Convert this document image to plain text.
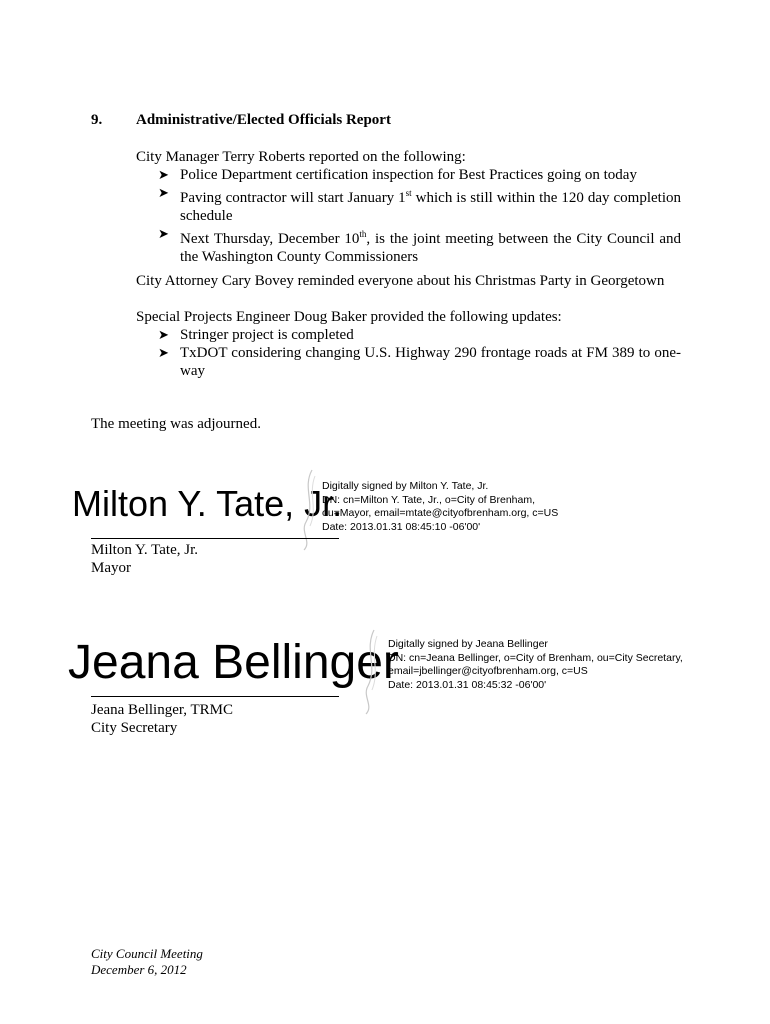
9. Administrative/Elected Officials Report

City Manager Terry Roberts reported on the following:

➤ Police Department certification inspection for Best Practices going on today
➤ Paving contractor will start January 1st which is still within the 120 day completion schedule
➤ Next Thursday, December 10th, is the joint meeting between the City Council and the Washington County Commissioners

City Attorney Cary Bovey reminded everyone about his Christmas Party in Georgetown

Special Projects Engineer Doug Baker provided the following updates:

➤ Stringer project is completed
➤ TxDOT considering changing U.S. Highway 290 frontage roads at FM 389 to one-way
The meeting was adjourned.
Milton Y. Tate, Jr.
Digitally signed by Milton Y. Tate, Jr.
DN: cn=Milton Y. Tate, Jr., o=City of Brenham,
ou=Mayor, email=mtate@cityofbrenham.org, c=US
Date: 2013.01.31 08:45:10 -06'00'
Milton Y. Tate, Jr.
Mayor
Jeana Bellinger
Digitally signed by Jeana Bellinger
DN: cn=Jeana Bellinger, o=City of Brenham, ou=City Secretary,
email=jbellinger@cityofbrenham.org, c=US
Date: 2013.01.31 08:45:32 -06'00'
Jeana Bellinger, TRMC
City Secretary
City Council Meeting
December 6, 2012
